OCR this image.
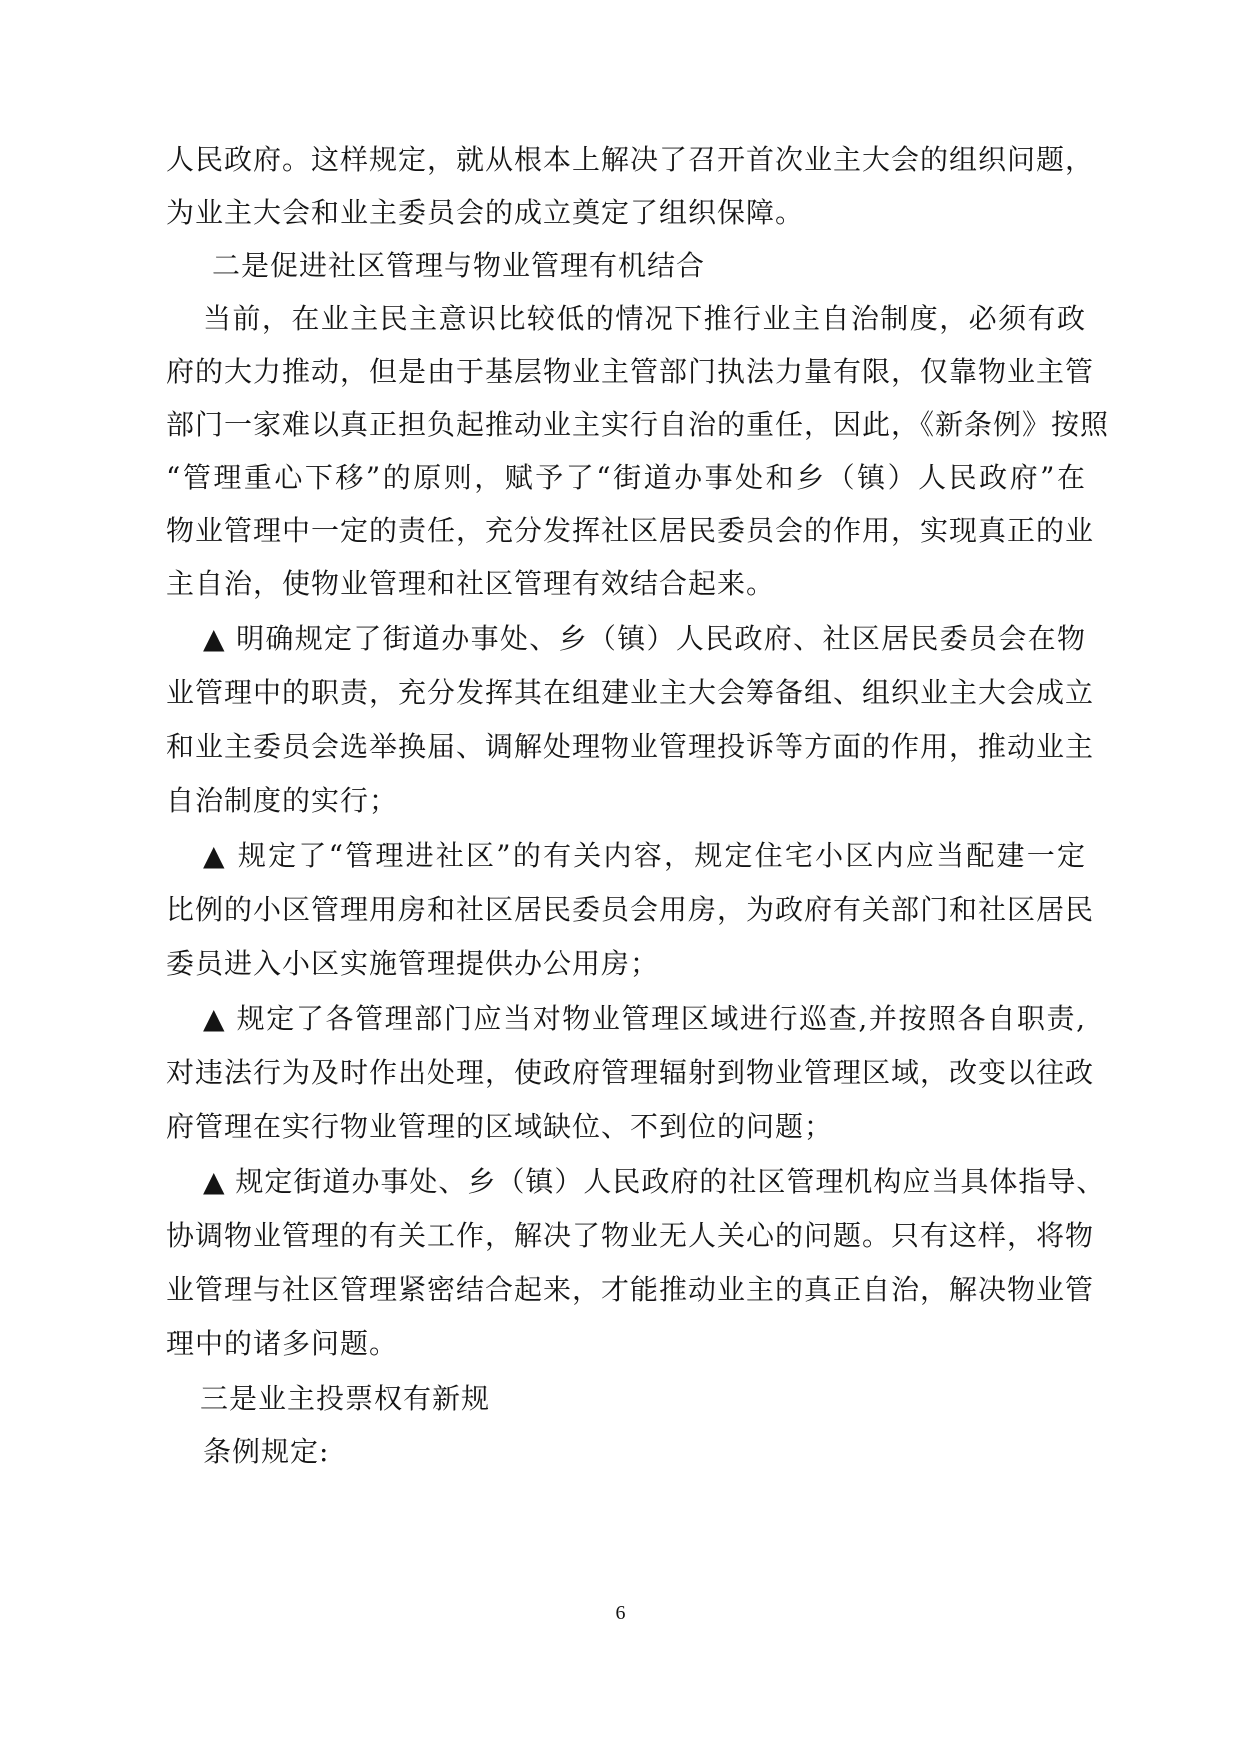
人民政府。这样规定，就从根本上解决了召开首次业主大会的组织问题，
为业主大会和业主委员会的成立奠定了组织保障。
二是促进社区管理与物业管理有机结合
当前，在业主民主意识比较低的情况下推行业主自治制度，必须有政
府的大力推动，但是由于基层物业主管部门执法力量有限，仅靠物业主管
部门一家难以真正担负起推动业主实行自治的重任，因此，《新条例》按照
“管理重心下移”的原则，赋予了“街道办事处和乡（镇）人民政府”在
物业管理中一定的责任，充分发挥社区居民委员会的作用，实现真正的业
主自治，使物业管理和社区管理有效结合起来。
▲ 明确规定了街道办事处、乡（镇）人民政府、社区居民委员会在物
业管理中的职责，充分发挥其在组建业主大会筹备组、组织业主大会成立
和业主委员会选举换届、调解处理物业管理投诉等方面的作用，推动业主
自治制度的实行；
▲ 规定了“管理进社区”的有关内容，规定住宅小区内应当配建一定
比例的小区管理用房和社区居民委员会用房，为政府有关部门和社区居民
委员进入小区实施管理提供办公用房；
▲ 规定了各管理部门应当对物业管理区域进行巡查,并按照各自职责,
对违法行为及时作出处理，使政府管理辐射到物业管理区域，改变以往政
府管理在实行物业管理的区域缺位、不到位的问题；
▲ 规定街道办事处、乡（镇）人民政府的社区管理机构应当具体指导、
协调物业管理的有关工作，解决了物业无人关心的问题。只有这样，将物
业管理与社区管理紧密结合起来，才能推动业主的真正自治，解决物业管
理中的诸多问题。
三是业主投票权有新规
条例规定:
6
